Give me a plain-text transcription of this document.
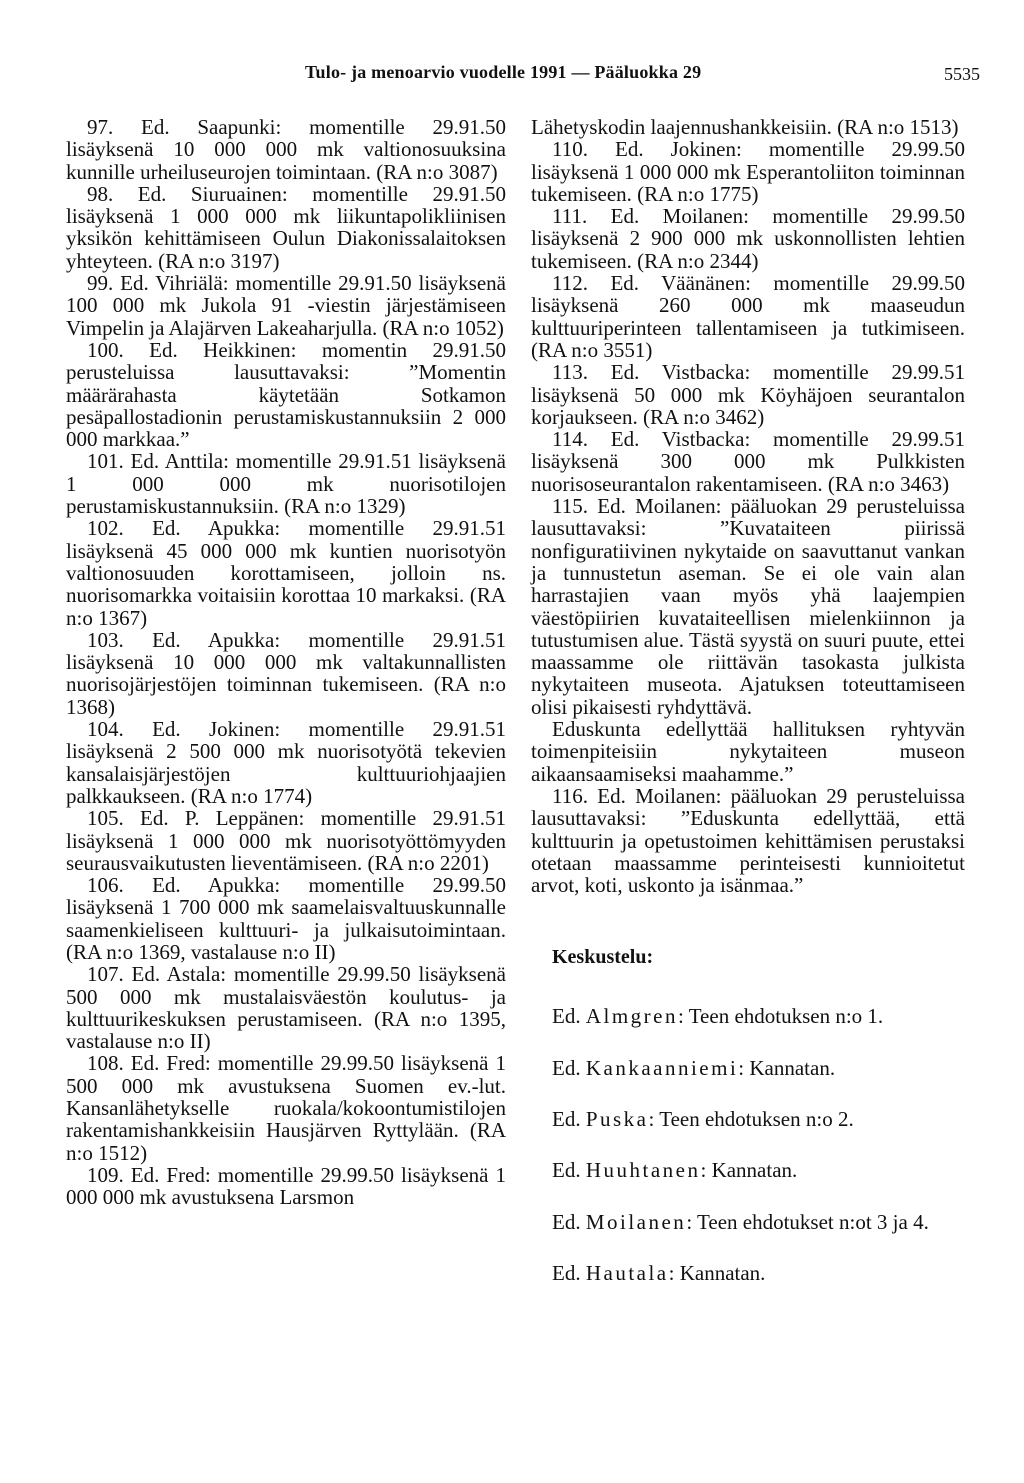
Tulo- ja menoarvio vuodelle 1991 — Pääluokka 29	5535

97. Ed. Saapunki: momentille 29.91.50 lisäyksenä 10 000 000 mk valtionosuuksina kunnille urheiluseurojen toimintaan. (RA n:o 3087)

98. Ed. Siuruainen: momentille 29.91.50 lisäyksenä 1 000 000 mk liikuntapolikliinisen yksikön kehittämiseen Oulun Diakonissalaitoksen yhteyteen. (RA n:o 3197)

99. Ed. Vihriälä: momentille 29.91.50 lisäyksenä 100 000 mk Jukola 91 -viestin järjestämiseen Vimpelin ja Alajärven Lakeaharjulla. (RA n:o 1052)

100. Ed. Heikkinen: momentin 29.91.50 perusteluissa lausuttavaksi: ”Momentin määrärahasta käytetään Sotkamon pesäpallostadionin perustamiskustannuksiin 2 000 000 markkaa.”

101. Ed. Anttila: momentille 29.91.51 lisäyksenä 1 000 000 mk nuorisotilojen perustamiskustannuksiin. (RA n:o 1329)

102. Ed. Apukka: momentille 29.91.51 lisäyksenä 45 000 000 mk kuntien nuorisotyön valtionosuuden korottamiseen, jolloin ns. nuorisomarkka voitaisiin korottaa 10 markaksi. (RA n:o 1367)

103. Ed. Apukka: momentille 29.91.51 lisäyksenä 10 000 000 mk valtakunnallisten nuorisojärjestöjen toiminnan tukemiseen. (RA n:o 1368)

104. Ed. Jokinen: momentille 29.91.51 lisäyksenä 2 500 000 mk nuorisotyötä tekevien kansalaisjärjestöjen kulttuuriohjaajien palkkaukseen. (RA n:o 1774)

105. Ed. P. Leppänen: momentille 29.91.51 lisäyksenä 1 000 000 mk nuorisotyöttömyyden seurausvaikutusten lieventämiseen. (RA n:o 2201)

106. Ed. Apukka: momentille 29.99.50 lisäyksenä 1 700 000 mk saamelaisvaltuuskunnalle saamenkieliseen kulttuuri- ja julkaisutoimintaan. (RA n:o 1369, vastalause n:o II)

107. Ed. Astala: momentille 29.99.50 lisäyksenä 500 000 mk mustalaisväestön koulutus- ja kulttuurikeskuksen perustamiseen. (RA n:o 1395, vastalause n:o II)

108. Ed. Fred: momentille 29.99.50 lisäyksenä 1 500 000 mk avustuksena Suomen ev.-lut. Kansanlähetykselle ruokala/kokoontumistilojen rakentamishankkeisiin Hausjärven Ryttylään. (RA n:o 1512)

109. Ed. Fred: momentille 29.99.50 lisäyksenä 1 000 000 mk avustuksena Larsmon

Lähetyskodin laajennushankkeisiin. (RA n:o 1513)

110. Ed. Jokinen: momentille 29.99.50 lisäyksenä 1 000 000 mk Esperantoliiton toiminnan tukemiseen. (RA n:o 1775)

111. Ed. Moilanen: momentille 29.99.50 lisäyksenä 2 900 000 mk uskonnollisten lehtien tukemiseen. (RA n:o 2344)

112. Ed. Väänänen: momentille 29.99.50 lisäyksenä 260 000 mk maaseudun kulttuuriperinteen tallentamiseen ja tutkimiseen. (RA n:o 3551)

113. Ed. Vistbacka: momentille 29.99.51 lisäyksenä 50 000 mk Köyhäjoen seurantalon korjaukseen. (RA n:o 3462)

114. Ed. Vistbacka: momentille 29.99.51 lisäyksenä 300 000 mk Pulkkisten nuorisoseurantalon rakentamiseen. (RA n:o 3463)

115. Ed. Moilanen: pääluokan 29 perusteluissa lausuttavaksi: ”Kuvataiteen piirissä nonfiguratiivinen nykytaide on saavuttanut vankan ja tunnustetun aseman. Se ei ole vain alan harrastajien vaan myös yhä laajempien väestöpiirien kuvataiteellisen mielenkiinnon ja tutustumisen alue. Tästä syystä on suuri puute, ettei maassamme ole riittävän tasokasta julkista nykytaiteen museota. Ajatuksen toteuttamiseen olisi pikaisesti ryhdyttävä.

Eduskunta edellyttää hallituksen ryhtyvän toimenpiteisiin nykytaiteen museon aikaansaamiseksi maahamme.”

116. Ed. Moilanen: pääluokan 29 perusteluissa lausuttavaksi: ”Eduskunta edellyttää, että kulttuurin ja opetustoimen kehittämisen perustaksi otetaan maassamme perinteisesti kunnioitetut arvot, koti, uskonto ja isänmaa.”

Keskustelu:
Ed. Almgren: Teen ehdotuksen n:o 1.
Ed. Kankaanniemi: Kannatan.
Ed. Puska: Teen ehdotuksen n:o 2.
Ed. Huuhtanen: Kannatan.
Ed. Moilanen: Teen ehdotukset n:ot 3 ja 4.
Ed. Hautala: Kannatan.
